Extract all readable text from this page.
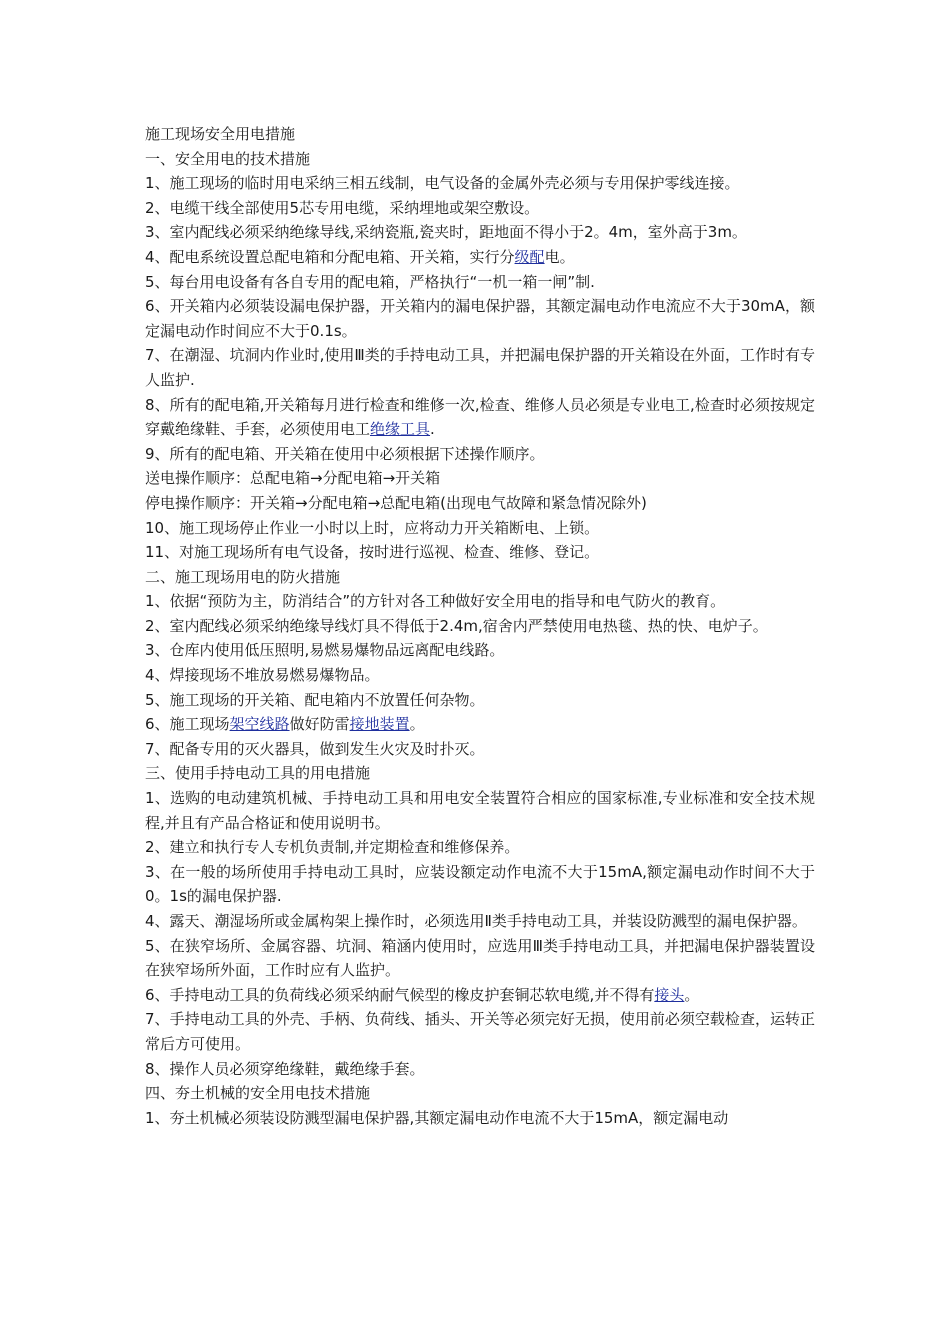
施工现场安全用电措施

一、安全用电的技术措施

1、施工现场的临时用电采纳三相五线制，电气设备的金属外壳必须与专用保护零线连接。

2、电缆干线全部使用5芯专用电缆，采纳埋地或架空敷设。

3、室内配线必须采纳绝缘导线,采纳瓷瓶,瓷夹时，距地面不得小于2。4m，室外高于3m。

4、配电系统设置总配电箱和分配电箱、开关箱，实行分级配电。

5、每台用电设备有各自专用的配电箱，严格执行“一机一箱一闸”制.

6、开关箱内必须装设漏电保护器，开关箱内的漏电保护器，其额定漏电动作电流应不大于30mA，额定漏电动作时间应不大于0.1s。

7、在潮湿、坑洞内作业时,使用Ⅲ类的手持电动工具，并把漏电保护器的开关箱设在外面，工作时有专人监护.

8、所有的配电箱,开关箱每月进行检查和维修一次,检查、维修人员必须是专业电工,检查时必须按规定穿戴绝缘鞋、手套，必须使用电工绝缘工具.

9、所有的配电箱、开关箱在使用中必须根据下述操作顺序。

送电操作顺序：总配电箱→分配电箱→开关箱

停电操作顺序：开关箱→分配电箱→总配电箱(出现电气故障和紧急情况除外)

10、施工现场停止作业一小时以上时，应将动力开关箱断电、上锁。

11、对施工现场所有电气设备，按时进行巡视、检查、维修、登记。

二、施工现场用电的防火措施

1、依据“预防为主，防消结合”的方针对各工种做好安全用电的指导和电气防火的教育。

2、室内配线必须采纳绝缘导线灯具不得低于2.4m,宿舍内严禁使用电热毯、热的快、电炉子。

3、仓库内使用低压照明,易燃易爆物品远离配电线路。

4、焊接现场不堆放易燃易爆物品。

5、施工现场的开关箱、配电箱内不放置任何杂物。

6、施工现场架空线路做好防雷接地装置。

7、配备专用的灭火器具，做到发生火灾及时扑灭。

三、使用手持电动工具的用电措施

1、选购的电动建筑机械、手持电动工具和用电安全装置符合相应的国家标准,专业标准和安全技术规程,并且有产品合格证和使用说明书。

2、建立和执行专人专机负责制,并定期检查和维修保养。

3、在一般的场所使用手持电动工具时，应装设额定动作电流不大于15mA,额定漏电动作时间不大于0。1s的漏电保护器.

4、露天、潮湿场所或金属构架上操作时，必须选用Ⅱ类手持电动工具，并装设防溅型的漏电保护器。

5、在狭窄场所、金属容器、坑洞、箱涵内使用时，应选用Ⅲ类手持电动工具，并把漏电保护器装置设在狭窄场所外面，工作时应有人监护。

6、手持电动工具的负荷线必须采纳耐气候型的橡皮护套铜芯软电缆,并不得有接头。

7、手持电动工具的外壳、手柄、负荷线、插头、开关等必须完好无损，使用前必须空载检查，运转正常后方可使用。

8、操作人员必须穿绝缘鞋，戴绝缘手套。

四、夯土机械的安全用电技术措施

1、夯土机械必须装设防溅型漏电保护器,其额定漏电动作电流不大于15mA，额定漏电动
